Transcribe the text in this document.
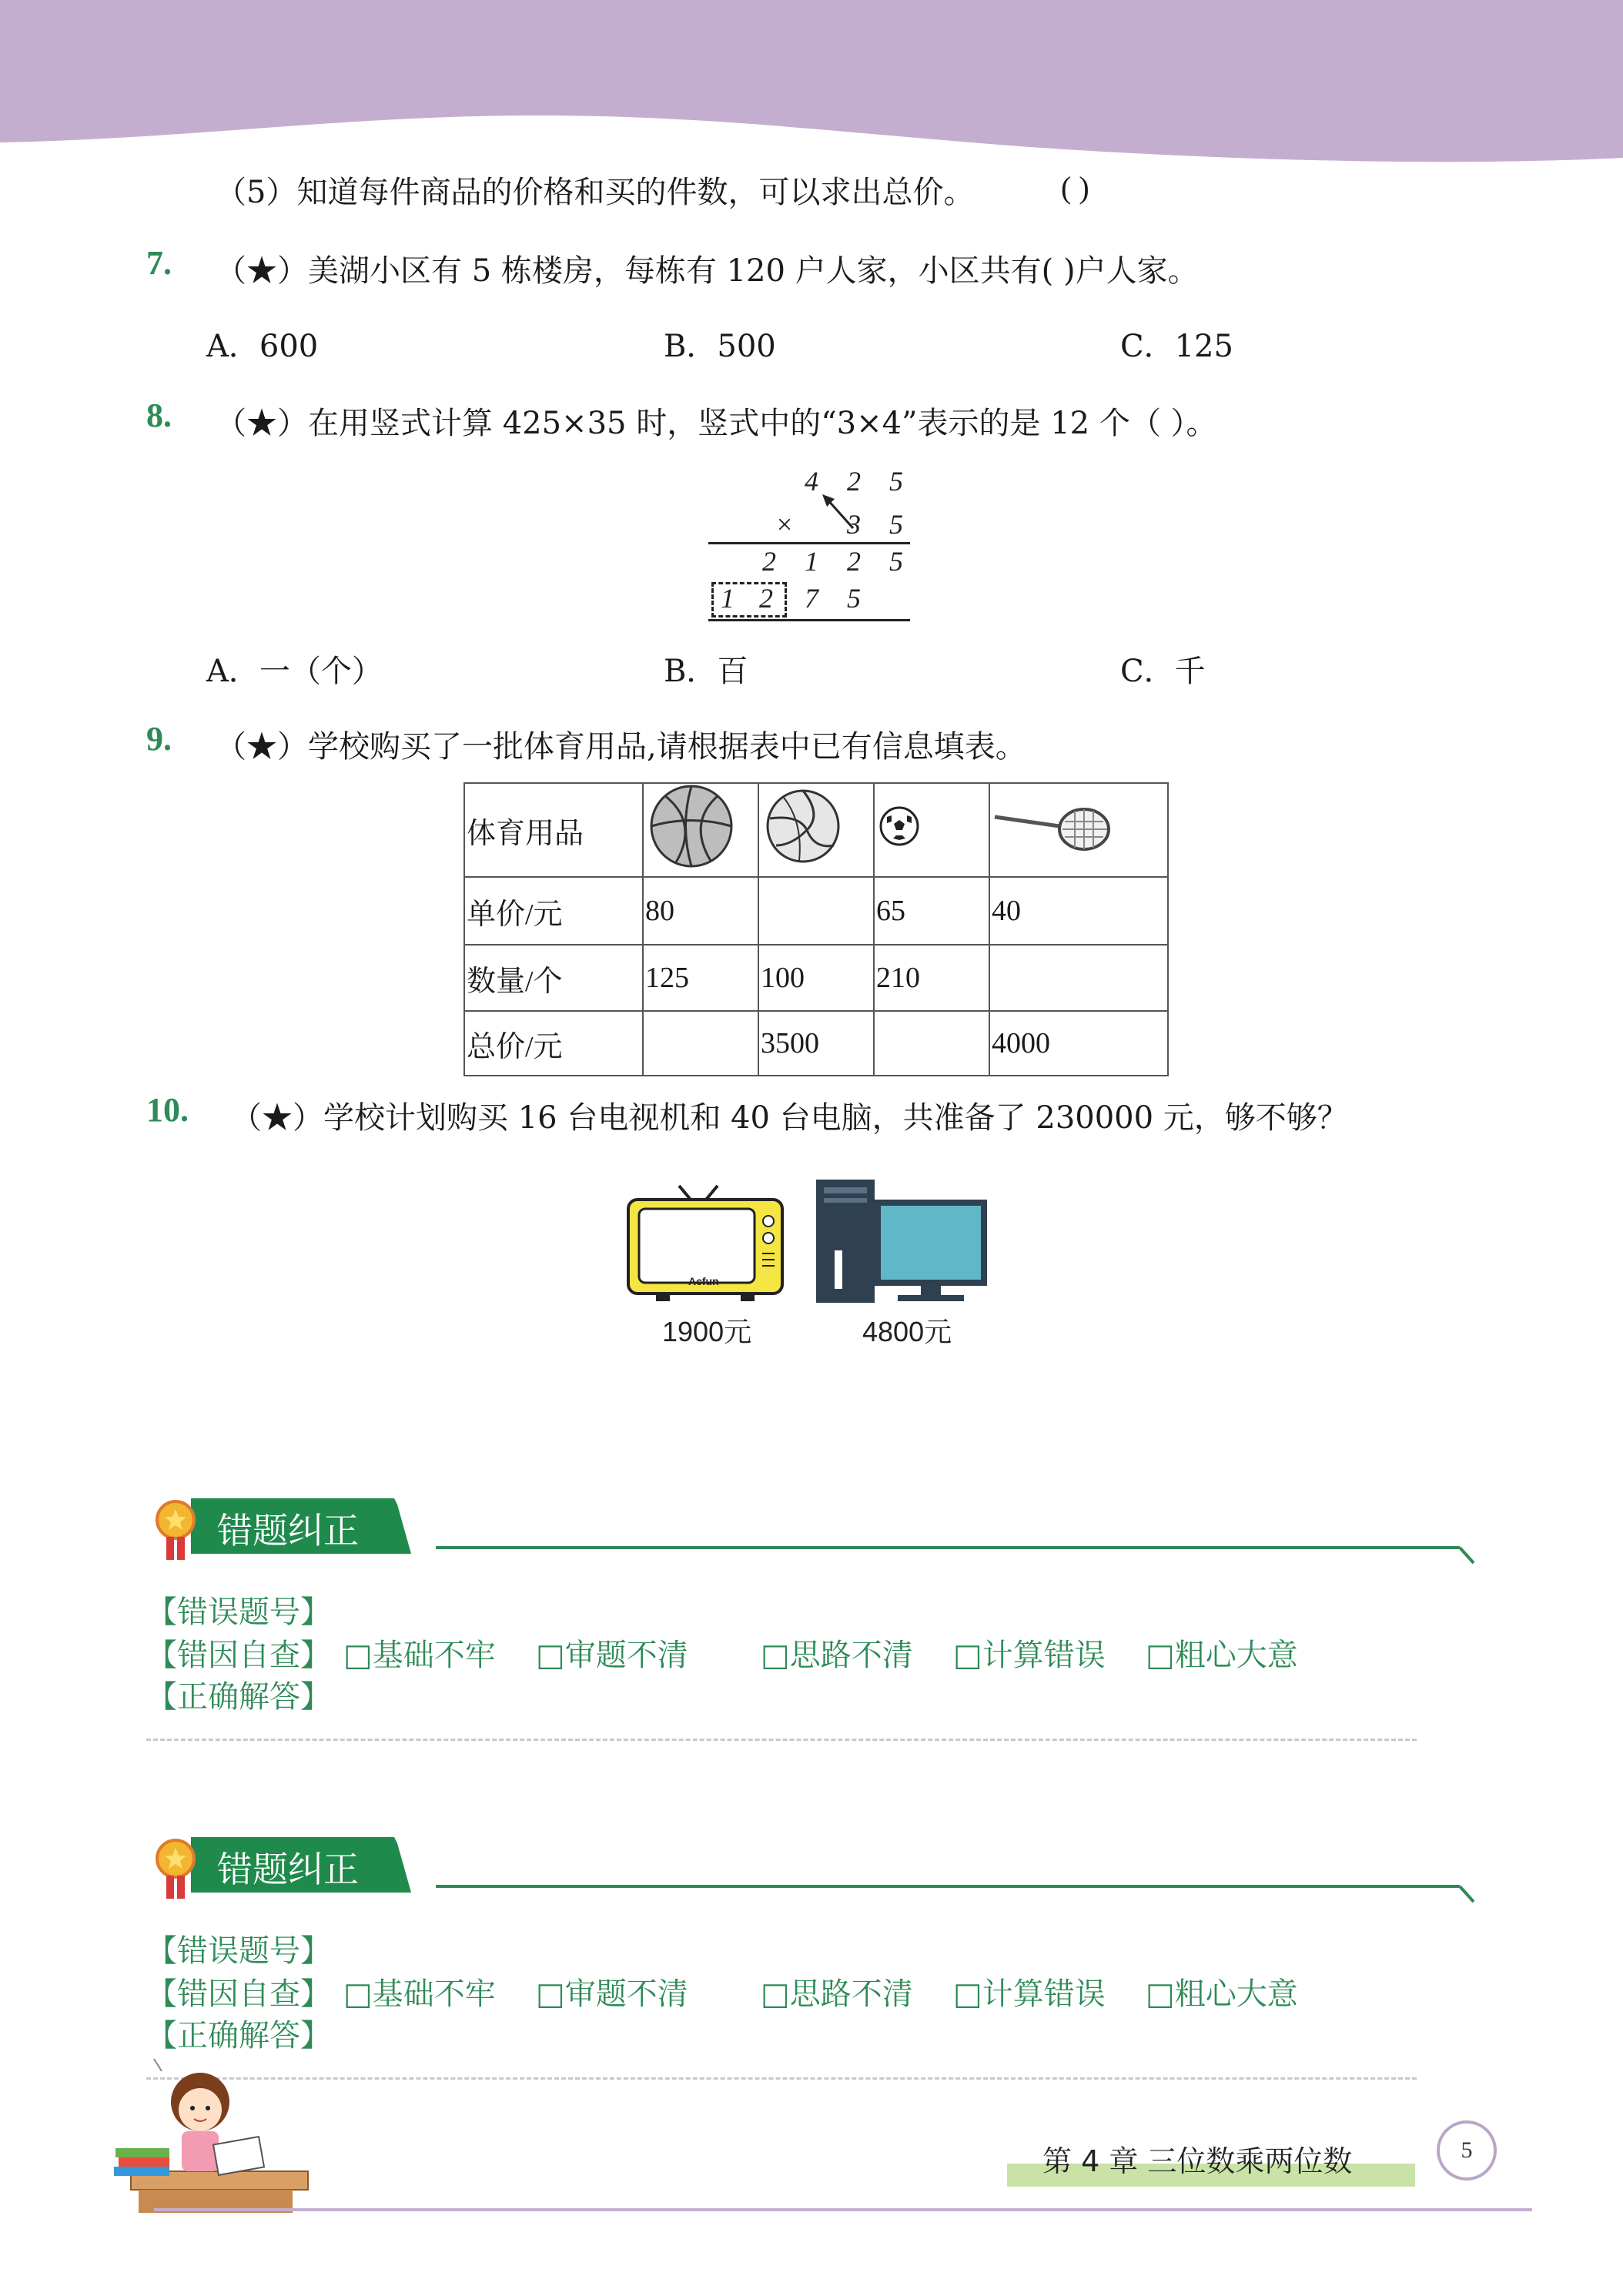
（5）知道每件商品的价格和买的件数，可以求出总价。	( )
7. （★）美湖小区有 5 栋楼房，每栋有 120 户人家，小区共有( )户人家。
A．600	B．500	C．125
8. （★）在用竖式计算 425×35 时，竖式中的“3×4”表示的是 12 个（ ）。
4 2 5
× 3 5
2 1 2 5
1 2 7 5
A．一（个）	B．百	C．千
9. （★）学校购买了一批体育用品,请根据表中已有信息填表。
体育用品				
单价/元	80		65	40
数量/个	125	100	210	
总价/元		3500		4000
10. （★）学校计划购买 16 台电视机和 40 台电脑，共准备了 230000 元，够不够？
Acfun
1900元	4800元
错题纠正
【错误题号】
【错因自查】 □基础不牢 □审题不清 □思路不清 □计算错误 □粗心大意
【正确解答】
错题纠正
【错误题号】
【错因自查】 □基础不牢 □审题不清 □思路不清 □计算错误 □粗心大意
【正确解答】
第 4 章 三位数乘两位数	5
